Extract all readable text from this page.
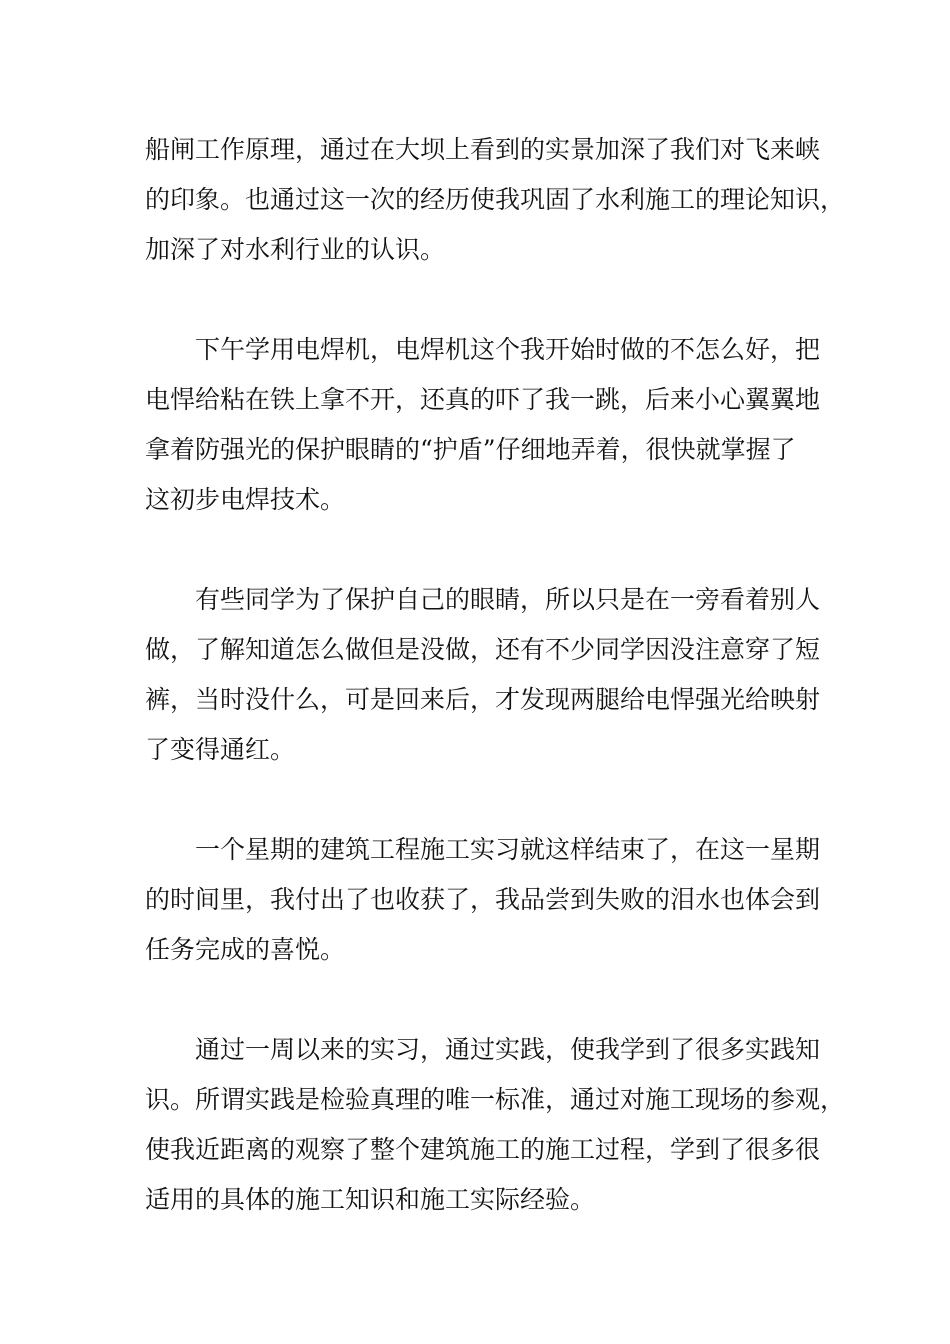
船闸工作原理，通过在大坝上看到的实景加深了我们对飞来峡
的印象。也通过这一次的经历使我巩固了水利施工的理论知识，
加深了对水利行业的认识。
下午学用电焊机，电焊机这个我开始时做的不怎么好，把
电悍给粘在铁上拿不开，还真的吓了我一跳，后来小心翼翼地
拿着防强光的保护眼睛的“护盾”仔细地弄着，很快就掌握了
这初步电焊技术。
有些同学为了保护自己的眼睛，所以只是在一旁看着别人
做，了解知道怎么做但是没做，还有不少同学因没注意穿了短
裤，当时没什么，可是回来后，才发现两腿给电悍强光给映射
了变得通红。
一个星期的建筑工程施工实习就这样结束了，在这一星期
的时间里，我付出了也收获了，我品尝到失败的泪水也体会到
任务完成的喜悦。
通过一周以来的实习，通过实践，使我学到了很多实践知
识。所谓实践是检验真理的唯一标准，通过对施工现场的参观，
使我近距离的观察了整个建筑施工的施工过程，学到了很多很
适用的具体的施工知识和施工实际经验。
